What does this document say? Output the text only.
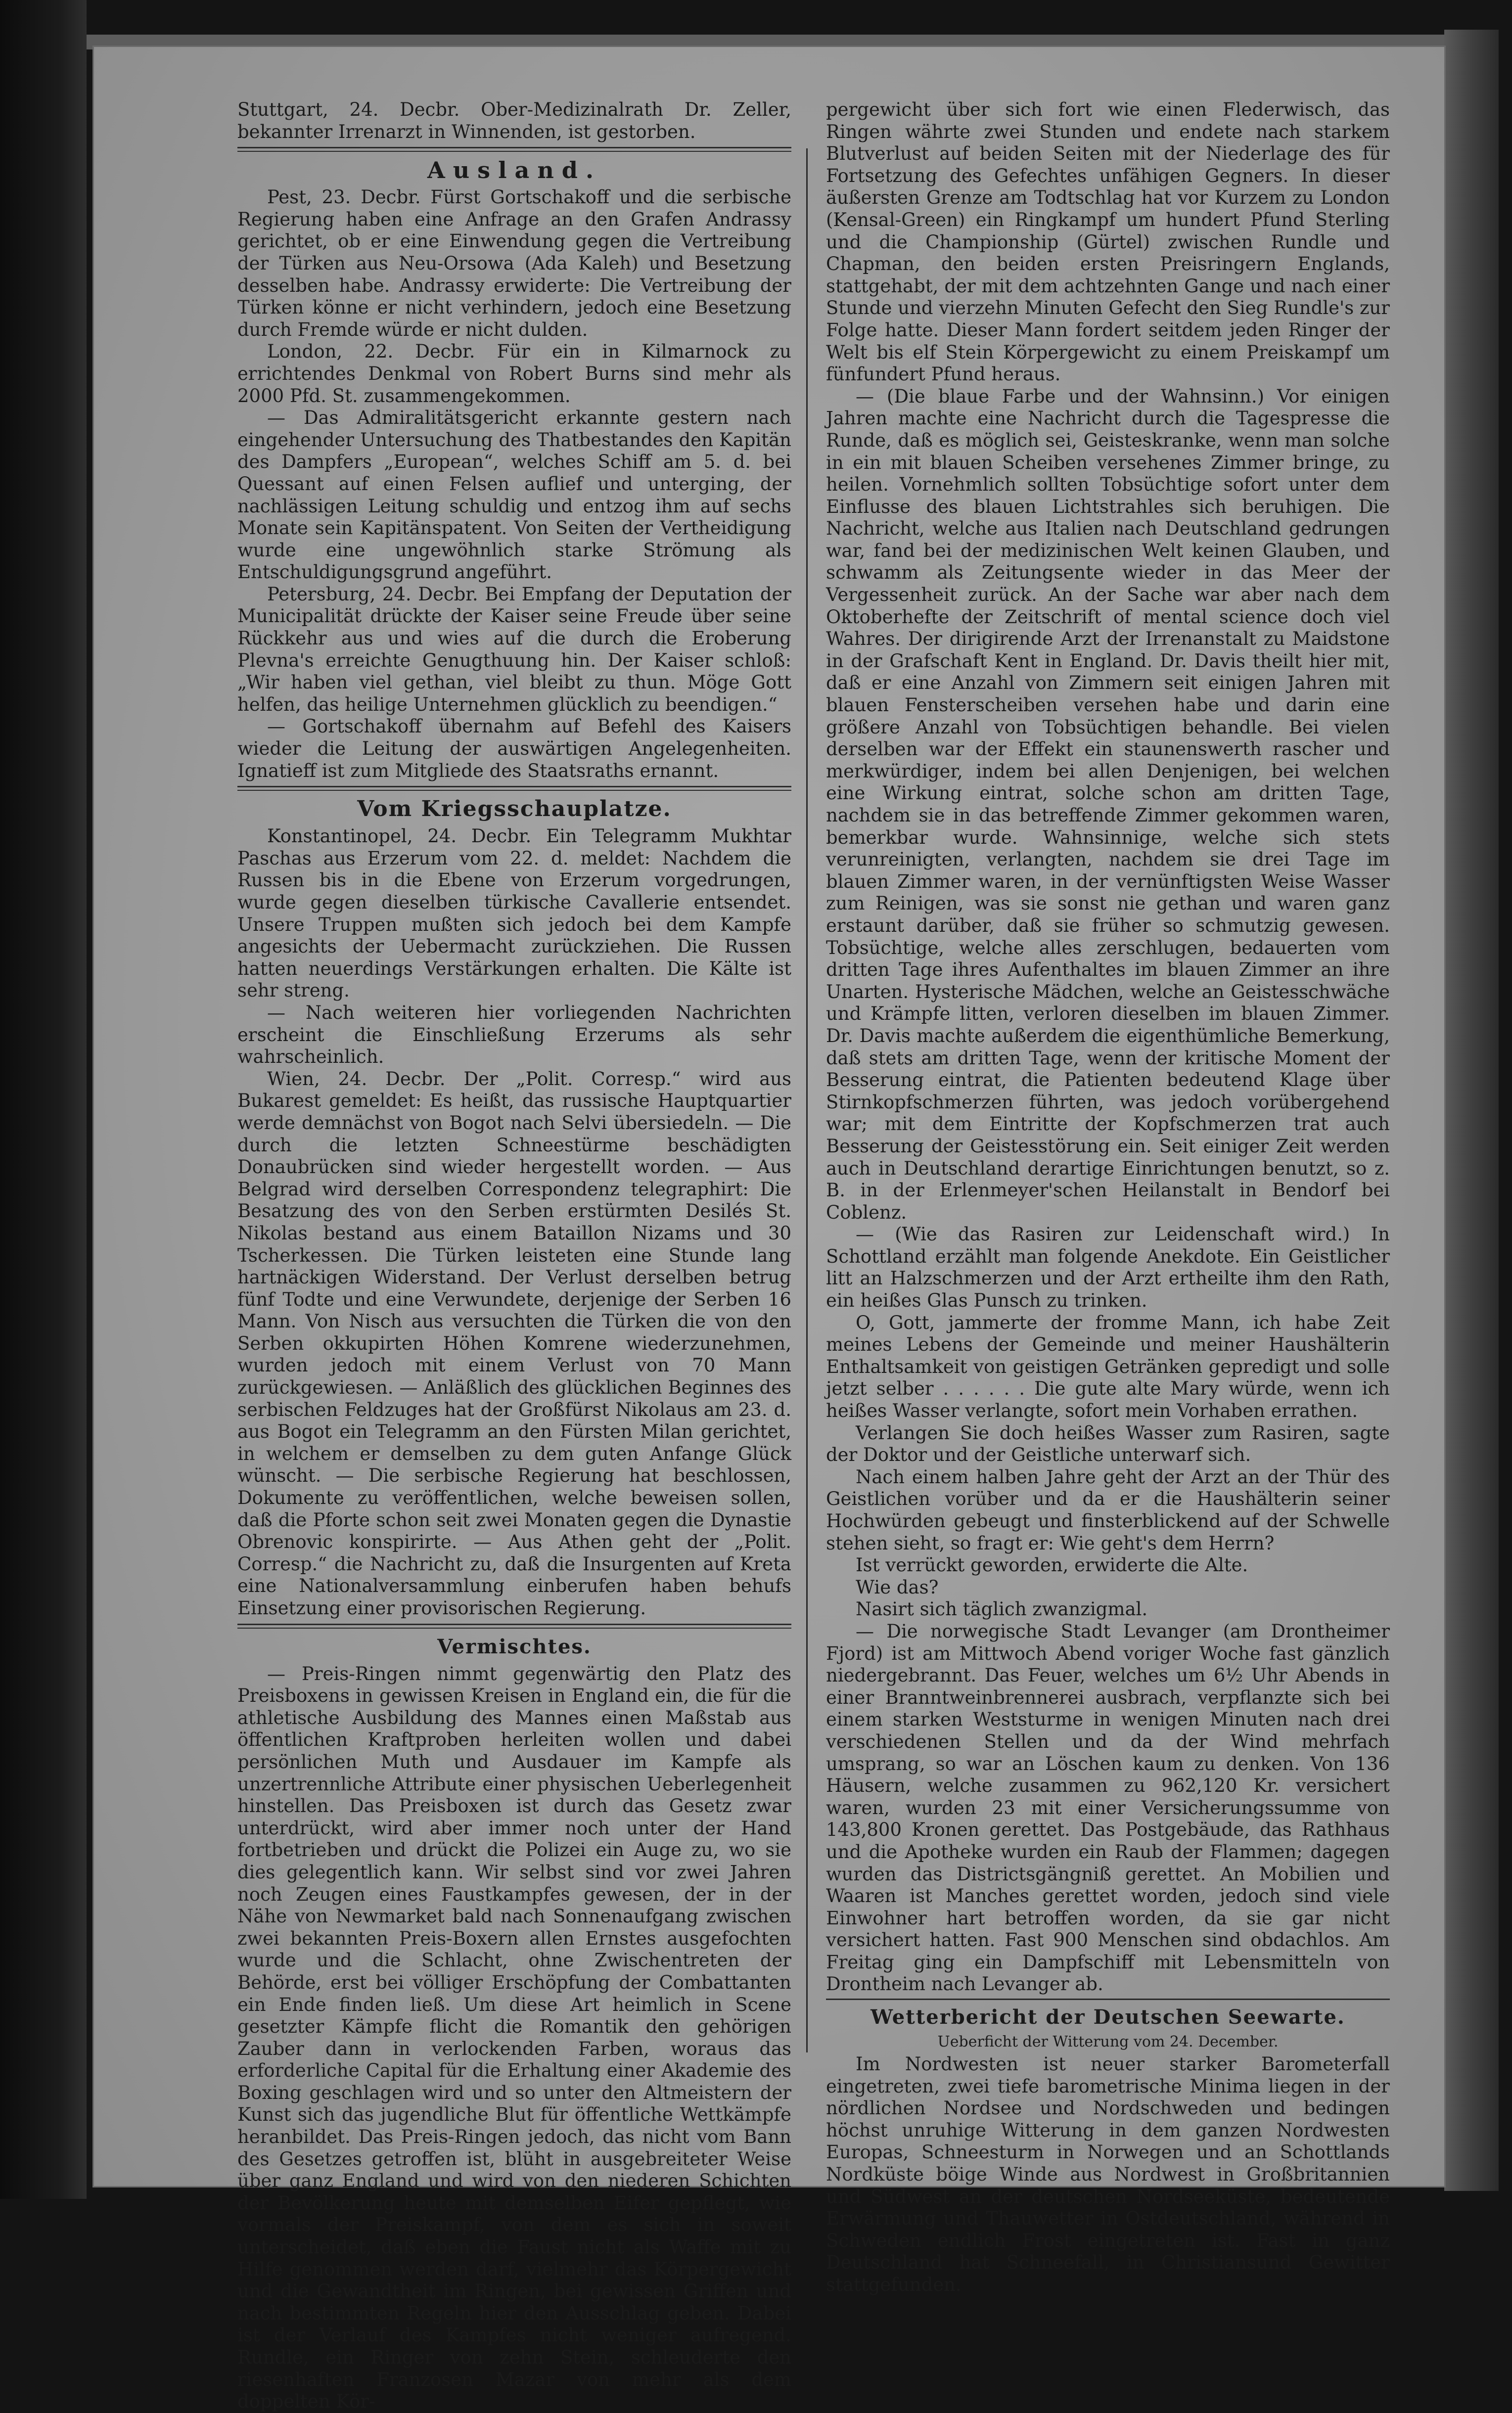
Stuttgart, 24. Decbr. Ober-Medizinalrath Dr. Zeller, bekannter Irrenarzt in Winnenden, ist gestorben.

Ausland.

Pest, 23. Decbr. Fürst Gortschakoff und die serbische Regierung haben eine Anfrage an den Grafen Andrassy gerichtet, ob er eine Einwendung gegen die Vertreibung der Türken aus Neu-Orsowa (Ada Kaleh) und Besetzung desselben habe. Andrassy erwiderte: Die Vertreibung der Türken könne er nicht verhindern, jedoch eine Besetzung durch Fremde würde er nicht dulden.

London, 22. Decbr. Für ein in Kilmarnock zu errichtendes Denkmal von Robert Burns sind mehr als 2000 Pfd. St. zusammengekommen.

— Das Admiralitätsgericht erkannte gestern nach eingehender Untersuchung des Thatbestandes den Kapitän des Dampfers „European“, welches Schiff am 5. d. bei Quessant auf einen Felsen auflief und unterging, der nachlässigen Leitung schuldig und entzog ihm auf sechs Monate sein Kapitänspatent. Von Seiten der Vertheidigung wurde eine ungewöhnlich starke Strömung als Entschuldigungsgrund angeführt.

Petersburg, 24. Decbr. Bei Empfang der Deputation der Municipalität drückte der Kaiser seine Freude über seine Rückkehr aus und wies auf die durch die Eroberung Plevna's erreichte Genugthuung hin. Der Kaiser schloß: „Wir haben viel gethan, viel bleibt zu thun. Möge Gott helfen, das heilige Unternehmen glücklich zu beendigen.“

— Gortschakoff übernahm auf Befehl des Kaisers wieder die Leitung der auswärtigen Angelegenheiten. Ignatieff ist zum Mitgliede des Staatsraths ernannt.

Vom Kriegsschauplatze.

Konstantinopel, 24. Decbr. Ein Telegramm Mukhtar Paschas aus Erzerum vom 22. d. meldet: Nachdem die Russen bis in die Ebene von Erzerum vorgedrungen, wurde gegen dieselben türkische Cavallerie entsendet. Unsere Truppen mußten sich jedoch bei dem Kampfe angesichts der Uebermacht zurückziehen. Die Russen hatten neuerdings Verstärkungen erhalten. Die Kälte ist sehr streng.

— Nach weiteren hier vorliegenden Nachrichten erscheint die Einschließung Erzerums als sehr wahrscheinlich.

Wien, 24. Decbr. Der „Polit. Corresp.“ wird aus Bukarest gemeldet: Es heißt, das russische Hauptquartier werde demnächst von Bogot nach Selvi übersiedeln. — Die durch die letzten Schneestürme beschädigten Donaubrücken sind wieder hergestellt worden. — Aus Belgrad wird derselben Correspondenz telegraphirt: Die Besatzung des von den Serben erstürmten Desilés St. Nikolas bestand aus einem Bataillon Nizams und 30 Tscherkessen. Die Türken leisteten eine Stunde lang hartnäckigen Widerstand. Der Verlust derselben betrug fünf Todte und eine Verwundete, derjenige der Serben 16 Mann. Von Nisch aus versuchten die Türken die von den Serben okkupirten Höhen Komrene wiederzunehmen, wurden jedoch mit einem Verlust von 70 Mann zurückgewiesen. — Anläßlich des glücklichen Beginnes des serbischen Feldzuges hat der Großfürst Nikolaus am 23. d. aus Bogot ein Telegramm an den Fürsten Milan gerichtet, in welchem er demselben zu dem guten Anfange Glück wünscht. — Die serbische Regierung hat beschlossen, Dokumente zu veröffentlichen, welche beweisen sollen, daß die Pforte schon seit zwei Monaten gegen die Dynastie Obrenovic konspirirte. — Aus Athen geht der „Polit. Corresp.“ die Nachricht zu, daß die Insurgenten auf Kreta eine Nationalversammlung einberufen haben behufs Einsetzung einer provisorischen Regierung.

Vermischtes.

— Preis-Ringen nimmt gegenwärtig den Platz des Preisboxens in gewissen Kreisen in England ein, die für die athletische Ausbildung des Mannes einen Maßstab aus öffentlichen Kraftproben herleiten wollen und dabei persönlichen Muth und Ausdauer im Kampfe als unzertrennliche Attribute einer physischen Ueberlegenheit hinstellen. Das Preisboxen ist durch das Gesetz zwar unterdrückt, wird aber immer noch unter der Hand fortbetrieben und drückt die Polizei ein Auge zu, wo sie dies gelegentlich kann. Wir selbst sind vor zwei Jahren noch Zeugen eines Faustkampfes gewesen, der in der Nähe von Newmarket bald nach Sonnenaufgang zwischen zwei bekannten Preis-Boxern allen Ernstes ausgefochten wurde und die Schlacht, ohne Zwischentreten der Behörde, erst bei völliger Erschöpfung der Combattanten ein Ende finden ließ. Um diese Art heimlich in Scene gesetzter Kämpfe flicht die Romantik den gehörigen Zauber dann in verlockenden Farben, woraus das erforderliche Capital für die Erhaltung einer Akademie des Boxing geschlagen wird und so unter den Altmeistern der Kunst sich das jugendliche Blut für öffentliche Wettkämpfe heranbildet. Das Preis-Ringen jedoch, das nicht vom Bann des Gesetzes getroffen ist, blüht in ausgebreiteter Weise über ganz England und wird von den niederen Schichten der Bevölkerung heute mit demselben Eifer gepflegt, wie vormals der Preiskampf, von dem es sich in soweit unterscheidet, daß eben die Faust nicht als Waffe mit zu Hilfe genommen werden darf, vielmehr das Körpergewicht und die Gewandtheit im Ringen, bei gewissen Griffen und nach bestimmten Regeln hier den Ausschlag geben. Dabei ist der Verlauf des Kampfes nicht weniger aufregend. Rundle, ein Ringer von zehn Stein, schleuderte den riesenhaften Franzosen Mazar von mehr als dem doppelten Kör-

pergewicht über sich fort wie einen Flederwisch, das Ringen währte zwei Stunden und endete nach starkem Blutverlust auf beiden Seiten mit der Niederlage des für Fortsetzung des Gefechtes unfähigen Gegners. In dieser äußersten Grenze am Todtschlag hat vor Kurzem zu London (Kensal-Green) ein Ringkampf um hundert Pfund Sterling und die Championship (Gürtel) zwischen Rundle und Chapman, den beiden ersten Preisringern Englands, stattgehabt, der mit dem achtzehnten Gange und nach einer Stunde und vierzehn Minuten Gefecht den Sieg Rundle's zur Folge hatte. Dieser Mann fordert seitdem jeden Ringer der Welt bis elf Stein Körpergewicht zu einem Preiskampf um fünfundert Pfund heraus.

— (Die blaue Farbe und der Wahnsinn.) Vor einigen Jahren machte eine Nachricht durch die Tagespresse die Runde, daß es möglich sei, Geisteskranke, wenn man solche in ein mit blauen Scheiben versehenes Zimmer bringe, zu heilen. Vornehmlich sollten Tobsüchtige sofort unter dem Einflusse des blauen Lichtstrahles sich beruhigen. Die Nachricht, welche aus Italien nach Deutschland gedrungen war, fand bei der medizinischen Welt keinen Glauben, und schwamm als Zeitungsente wieder in das Meer der Vergessenheit zurück. An der Sache war aber nach dem Oktoberhefte der Zeitschrift of mental science doch viel Wahres. Der dirigirende Arzt der Irrenanstalt zu Maidstone in der Grafschaft Kent in England. Dr. Davis theilt hier mit, daß er eine Anzahl von Zimmern seit einigen Jahren mit blauen Fensterscheiben versehen habe und darin eine größere Anzahl von Tobsüchtigen behandle. Bei vielen derselben war der Effekt ein staunenswerth rascher und merkwürdiger, indem bei allen Denjenigen, bei welchen eine Wirkung eintrat, solche schon am dritten Tage, nachdem sie in das betreffende Zimmer gekommen waren, bemerkbar wurde. Wahnsinnige, welche sich stets verunreinigten, verlangten, nachdem sie drei Tage im blauen Zimmer waren, in der vernünftigsten Weise Wasser zum Reinigen, was sie sonst nie gethan und waren ganz erstaunt darüber, daß sie früher so schmutzig gewesen. Tobsüchtige, welche alles zerschlugen, bedauerten vom dritten Tage ihres Aufenthaltes im blauen Zimmer an ihre Unarten. Hysterische Mädchen, welche an Geistesschwäche und Krämpfe litten, verloren dieselben im blauen Zimmer. Dr. Davis machte außerdem die eigenthümliche Bemerkung, daß stets am dritten Tage, wenn der kritische Moment der Besserung eintrat, die Patienten bedeutend Klage über Stirnkopfschmerzen führten, was jedoch vorübergehend war; mit dem Eintritte der Kopfschmerzen trat auch Besserung der Geistesstörung ein. Seit einiger Zeit werden auch in Deutschland derartige Einrichtungen benutzt, so z. B. in der Erlenmeyer'schen Heilanstalt in Bendorf bei Coblenz.

— (Wie das Rasiren zur Leidenschaft wird.) In Schottland erzählt man folgende Anekdote. Ein Geistlicher litt an Halzschmerzen und der Arzt ertheilte ihm den Rath, ein heißes Glas Punsch zu trinken.

O, Gott, jammerte der fromme Mann, ich habe Zeit meines Lebens der Gemeinde und meiner Haushälterin Enthaltsamkeit von geistigen Getränken gepredigt und solle jetzt selber . . . . . . Die gute alte Mary würde, wenn ich heißes Wasser verlangte, sofort mein Vorhaben errathen.

Verlangen Sie doch heißes Wasser zum Rasiren, sagte der Doktor und der Geistliche unterwarf sich.

Nach einem halben Jahre geht der Arzt an der Thür des Geistlichen vorüber und da er die Haushälterin seiner Hochwürden gebeugt und finsterblickend auf der Schwelle stehen sieht, so fragt er: Wie geht's dem Herrn?

Ist verrückt geworden, erwiderte die Alte.

Wie das?

Nasirt sich täglich zwanzigmal.

— Die norwegische Stadt Levanger (am Drontheimer Fjord) ist am Mittwoch Abend voriger Woche fast gänzlich niedergebrannt. Das Feuer, welches um 6½ Uhr Abends in einer Branntweinbrennerei ausbrach, verpflanzte sich bei einem starken Weststurme in wenigen Minuten nach drei verschiedenen Stellen und da der Wind mehrfach umsprang, so war an Löschen kaum zu denken. Von 136 Häusern, welche zusammen zu 962,120 Kr. versichert waren, wurden 23 mit einer Versicherungssumme von 143,800 Kronen gerettet. Das Postgebäude, das Rathhaus und die Apotheke wurden ein Raub der Flammen; dagegen wurden das Districtsgängniß gerettet. An Mobilien und Waaren ist Manches gerettet worden, jedoch sind viele Einwohner hart betroffen worden, da sie gar nicht versichert hatten. Fast 900 Menschen sind obdachlos. Am Freitag ging ein Dampfschiff mit Lebensmitteln von Drontheim nach Levanger ab.

Wetterbericht der Deutschen Seewarte.
Ueberficht der Witterung vom 24. December.

Im Nordwesten ist neuer starker Barometerfall eingetreten, zwei tiefe barometrische Minima liegen in der nördlichen Nordsee und Nordschweden und bedingen höchst unruhige Witterung in dem ganzen Nordwesten Europas, Schneesturm in Norwegen und an Schottlands Nordküste böige Winde aus Nordwest in Großbritannien und Südwest an der deutschen Nordseeküste, bedeutende Erwärmung und Thauwetter in Ostdeutschland, während in Schweden endlich Frost eingetreten ist. Fast in ganz Deutschland hat Schneefall, in Christiansund Gewitter stattgefunden.
